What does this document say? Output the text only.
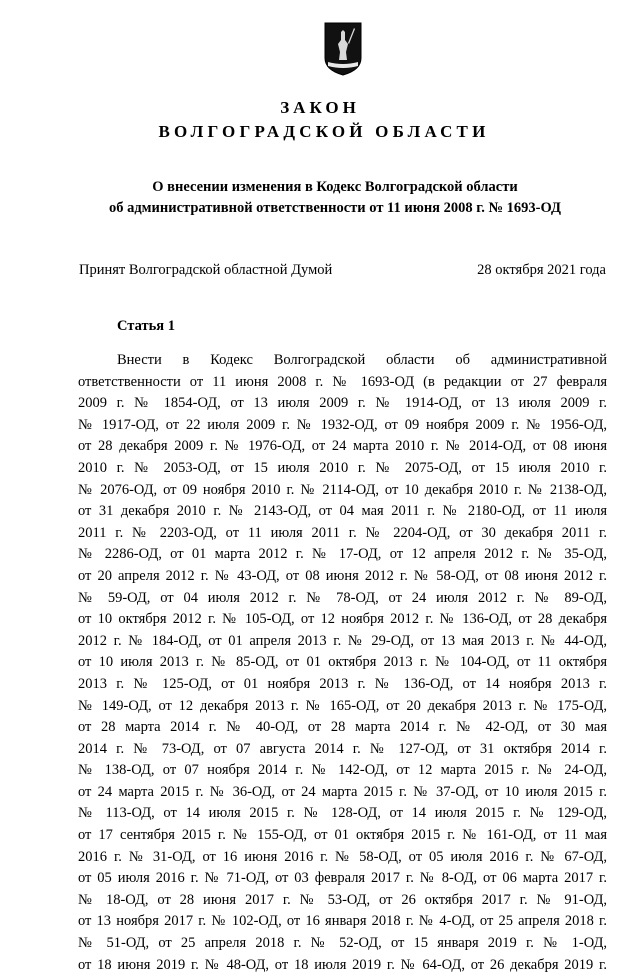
ЗАКОН
ВОЛГОГРАДСКОЙ ОБЛАСТИ
О внесении изменения в Кодекс Волгоградской области
об административной ответственности от 11 июня 2008 г. № 1693-ОД
Принят Волгоградской областной Думой	28 октября 2021 года
Статья 1
Внести в Кодекс Волгоградской области об административной
ответственности от 11 июня 2008 г. № 1693-ОД (в редакции от 27 февраля
2009 г. № 1854-ОД, от 13 июля 2009 г. № 1914-ОД, от 13 июля 2009 г.
№ 1917-ОД, от 22 июля 2009 г. № 1932-ОД, от 09 ноября 2009 г. № 1956-ОД,
от 28 декабря 2009 г. № 1976-ОД, от 24 марта 2010 г. № 2014-ОД, от 08 июня
2010 г. № 2053-ОД, от 15 июля 2010 г. № 2075-ОД, от 15 июля 2010 г.
№ 2076-ОД, от 09 ноября 2010 г. № 2114-ОД, от 10 декабря 2010 г. № 2138-ОД,
от 31 декабря 2010 г. № 2143-ОД, от 04 мая 2011 г. № 2180-ОД, от 11 июля
2011 г. № 2203-ОД, от 11 июля 2011 г. № 2204-ОД, от 30 декабря 2011 г.
№ 2286-ОД, от 01 марта 2012 г. № 17-ОД, от 12 апреля 2012 г. № 35-ОД,
от 20 апреля 2012 г. № 43-ОД, от 08 июня 2012 г. № 58-ОД, от 08 июня 2012 г.
№ 59-ОД, от 04 июля 2012 г. № 78-ОД, от 24 июля 2012 г. № 89-ОД,
от 10 октября 2012 г. № 105-ОД, от 12 ноября 2012 г. № 136-ОД, от 28 декабря
2012 г. № 184-ОД, от 01 апреля 2013 г. № 29-ОД, от 13 мая 2013 г. № 44-ОД,
от 10 июля 2013 г. № 85-ОД, от 01 октября 2013 г. № 104-ОД, от 11 октября
2013 г. № 125-ОД, от 01 ноября 2013 г. № 136-ОД, от 14 ноября 2013 г.
№ 149-ОД, от 12 декабря 2013 г. № 165-ОД, от 20 декабря 2013 г. № 175-ОД,
от 28 марта 2014 г. № 40-ОД, от 28 марта 2014 г. № 42-ОД, от 30 мая
2014 г. № 73-ОД, от 07 августа 2014 г. № 127-ОД, от 31 октября 2014 г.
№ 138-ОД, от 07 ноября 2014 г. № 142-ОД, от 12 марта 2015 г. № 24-ОД,
от 24 марта 2015 г. № 36-ОД, от 24 марта 2015 г. № 37-ОД, от 10 июля 2015 г.
№ 113-ОД, от 14 июля 2015 г. № 128-ОД, от 14 июля 2015 г. № 129-ОД,
от 17 сентября 2015 г. № 155-ОД, от 01 октября 2015 г. № 161-ОД, от 11 мая
2016 г. № 31-ОД, от 16 июня 2016 г. № 58-ОД, от 05 июля 2016 г. № 67-ОД,
от 05 июля 2016 г. № 71-ОД, от 03 февраля 2017 г. № 8-ОД, от 06 марта 2017 г.
№ 18-ОД, от 28 июня 2017 г. № 53-ОД, от 26 октября 2017 г. № 91-ОД,
от 13 ноября 2017 г. № 102-ОД, от 16 января 2018 г. № 4-ОД, от 25 апреля 2018 г.
№ 51-ОД, от 25 апреля 2018 г. № 52-ОД, от 15 января 2019 г. № 1-ОД,
от 18 июня 2019 г. № 48-ОД, от 18 июля 2019 г. № 64-ОД, от 26 декабря 2019 г.
